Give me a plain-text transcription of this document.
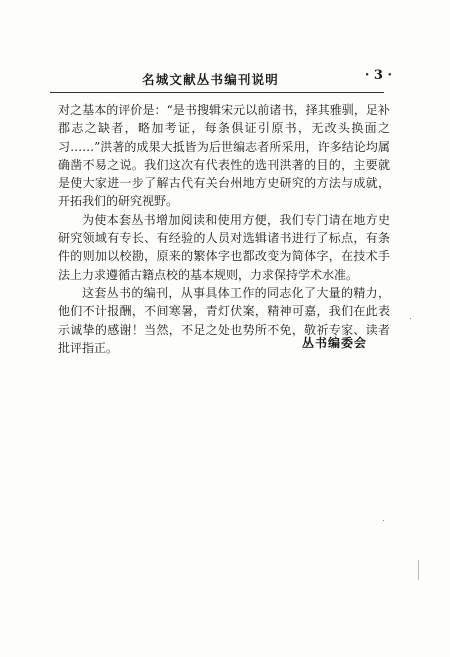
名城文献丛书编刊说明	· 3 ·

对之基本的评价是：“是书搜辑宋元以前诸书，择其雅驯，足补郡志之缺者，略加考证，每条俱证引原书，无改头换面之习……”洪著的成果大抵皆为后世编志者所采用，许多结论均属确凿不易之说。我们这次有代表性的选刊洪著的目的，主要就是使大家进一步了解古代有关台州地方史研究的方法与成就，开拓我们的研究视野。

为使本套丛书增加阅读和使用方便，我们专门请在地方史研究领域有专长、有经验的人员对选辑诸书进行了标点，有条件的则加以校勘，原来的繁体字也都改变为简体字，在技术手法上力求遵循古籍点校的基本规则，力求保持学术水准。

这套丛书的编刊，从事具体工作的同志化了大量的精力，他们不计报酬，不间寒暑，青灯伏案，精神可嘉，我们在此表示诚挚的感谢！当然，不足之处也势所不免，敬祈专家、读者批评指正。	丛书编委会
